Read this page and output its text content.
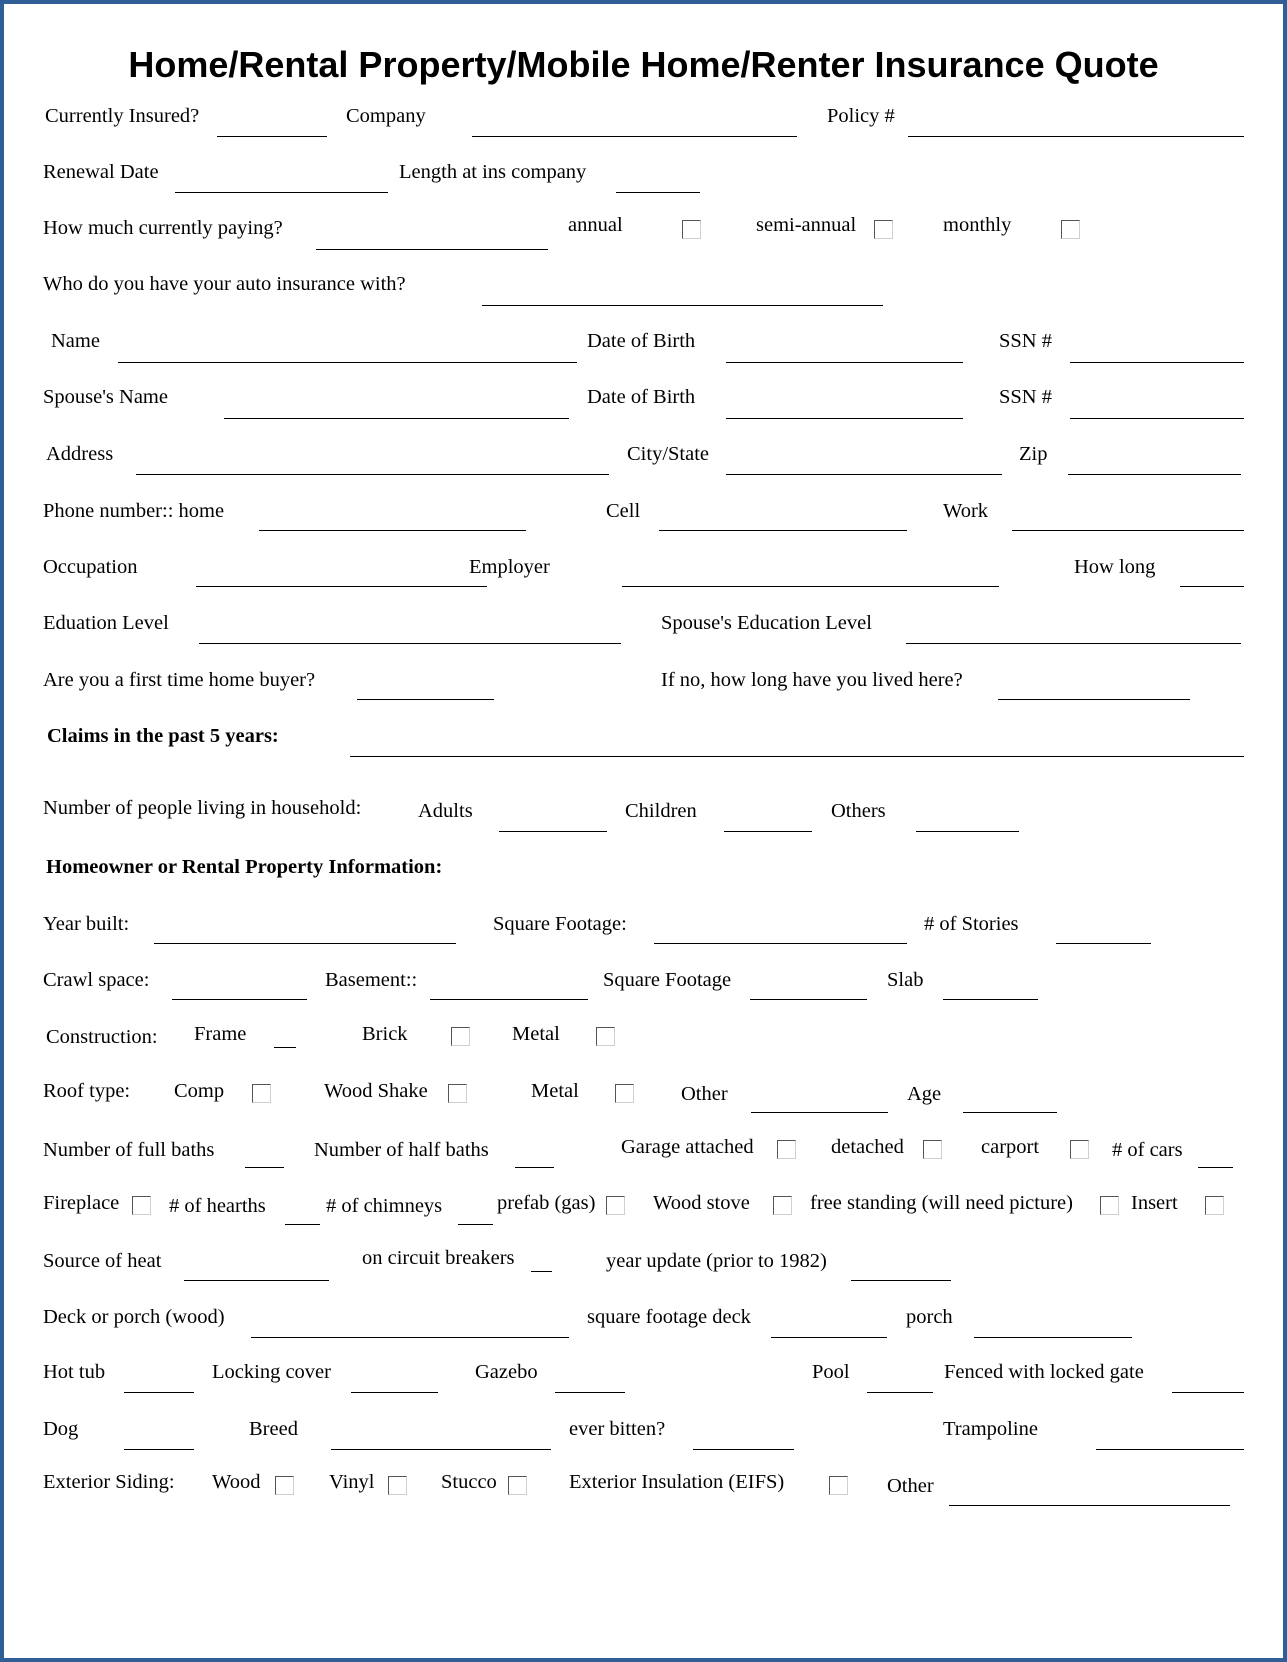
Home/Rental Property/Mobile Home/Renter Insurance Quote
Currently Insured?	Company	Policy #
Renewal Date	Length at ins company
How much currently paying?	annual	semi-annual	monthly
Who do you have your auto insurance with?
Name	Date of Birth	SSN #
Spouse's Name	Date of Birth	SSN #
Address	City/State	Zip
Phone number:: home	Cell	Work
Occupation	Employer	How long
Eduation Level	Spouse's Education Level
Are you a first time home buyer?	If no, how long have you lived here?
Claims in the past 5 years:
Number of people living in household:	Adults	Children	Others
Homeowner or Rental Property Information:
Year built:	Square Footage:	# of Stories
Crawl space:	Basement::	Square Footage	Slab
Construction: Frame	Brick	Metal
Roof type: Comp	Wood Shake	Metal	Other	Age
Number of full baths	Number of half baths	Garage attached	detached	carport	# of cars
Fireplace # of hearths	# of chimneys	prefab (gas)	Wood stove	free standing (will need picture)	Insert
Source of heat	on circuit breakers	year update (prior to 1982)
Deck or porch (wood)	square footage deck	porch
Hot tub	Locking cover	Gazebo	Pool	Fenced with locked gate
Dog	Breed	ever bitten?	Trampoline
Exterior Siding: Wood	Vinyl	Stucco	Exterior Insulation (EIFS)	Other
